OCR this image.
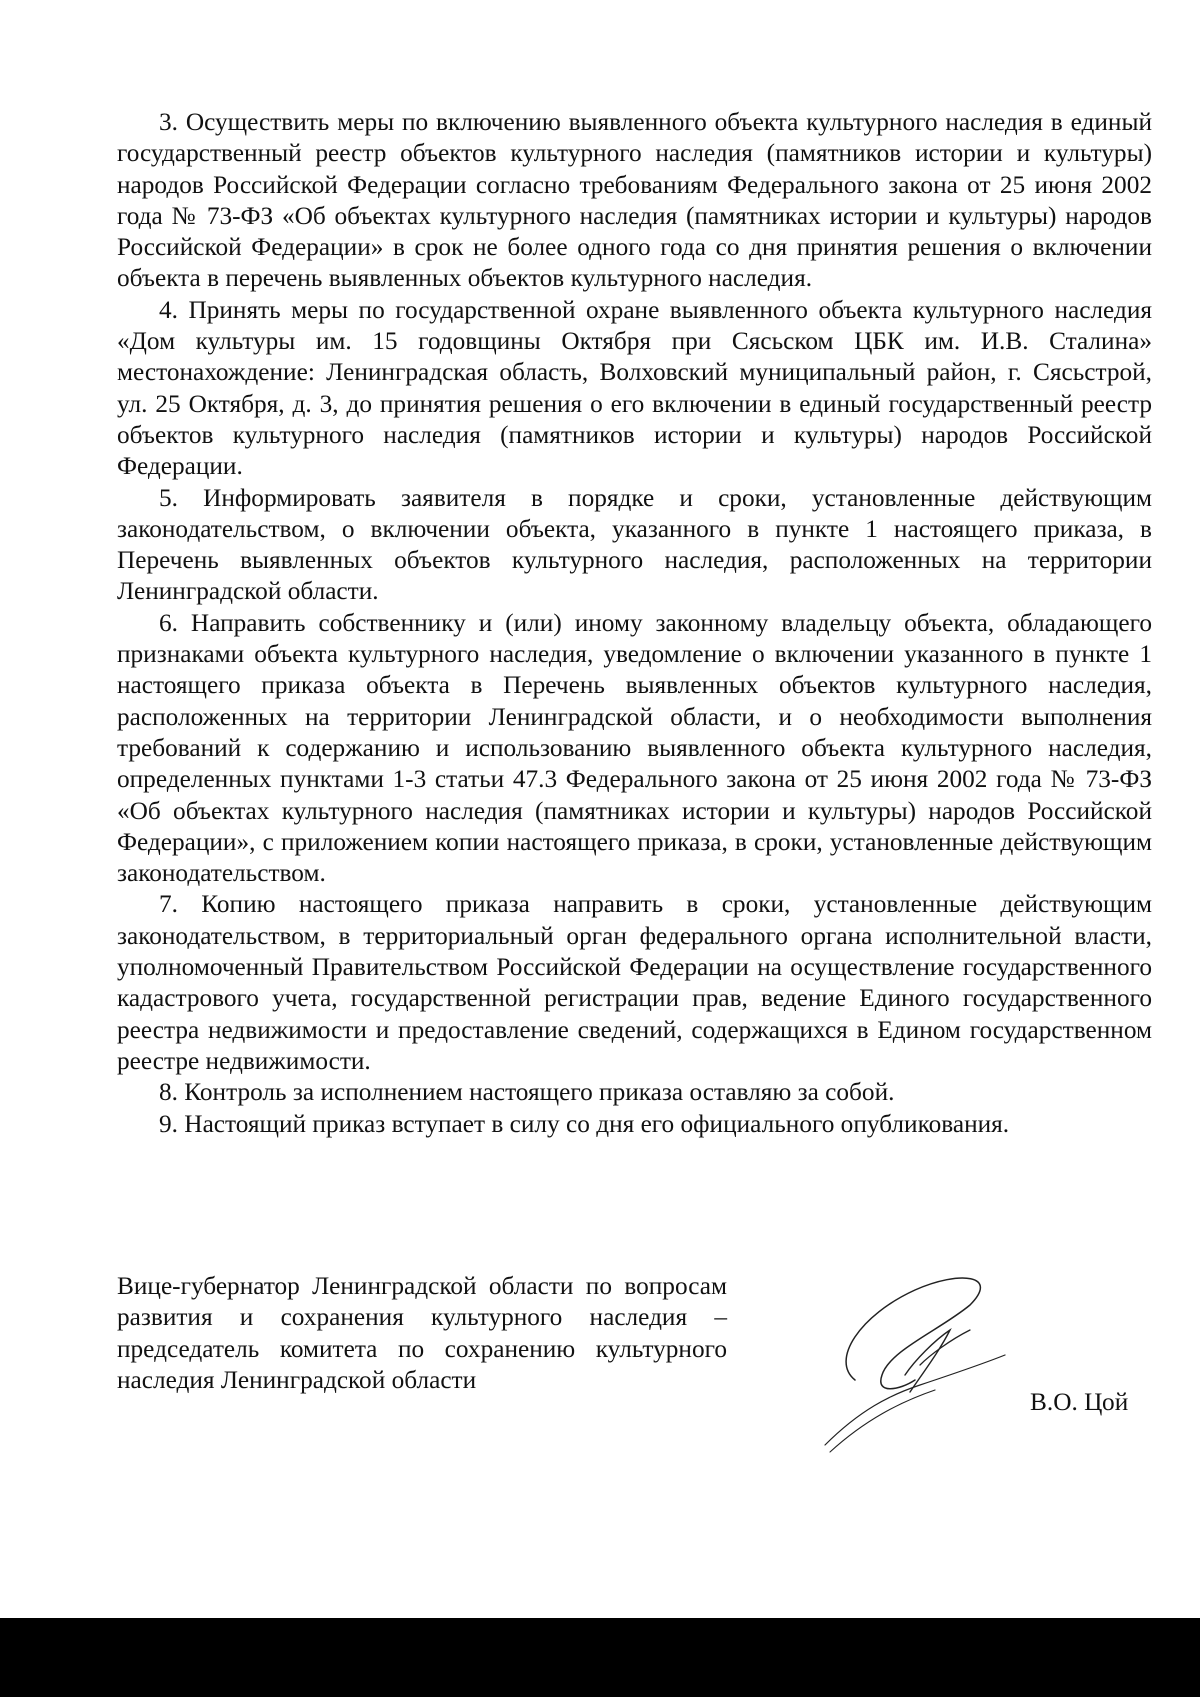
3. Осуществить меры по включению выявленного объекта культурного наследия в единый государственный реестр объектов культурного наследия (памятников истории и культуры) народов Российской Федерации согласно требованиям Федерального закона от 25 июня 2002 года № 73-ФЗ «Об объектах культурного наследия (памятниках истории и культуры) народов Российской Федерации» в срок не более одного года со дня принятия решения о включении объекта в перечень выявленных объектов культурного наследия.

4. Принять меры по государственной охране выявленного объекта культурного наследия «Дом культуры им. 15 годовщины Октября при Сясьском ЦБК им. И.В. Сталина» местонахождение: Ленинградская область, Волховский муниципальный район, г. Сясьстрой, ул. 25 Октября, д. 3, до принятия решения о его включении в единый государственный реестр объектов культурного наследия (памятников истории и культуры) народов Российской Федерации.

5. Информировать заявителя в порядке и сроки, установленные действующим законодательством, о включении объекта, указанного в пункте 1 настоящего приказа, в Перечень выявленных объектов культурного наследия, расположенных на территории Ленинградской области.

6. Направить собственнику и (или) иному законному владельцу объекта, обладающего признаками объекта культурного наследия, уведомление о включении указанного в пункте 1 настоящего приказа объекта в Перечень выявленных объектов культурного наследия, расположенных на территории Ленинградской области, и о необходимости выполнения требований к содержанию и использованию выявленного объекта культурного наследия, определенных пунктами 1-3 статьи 47.3 Федерального закона от 25 июня 2002 года № 73-ФЗ «Об объектах культурного наследия (памятниках истории и культуры) народов Российской Федерации», с приложением копии настоящего приказа, в сроки, установленные действующим законодательством.

7. Копию настоящего приказа направить в сроки, установленные действующим законодательством, в территориальный орган федерального органа исполнительной власти, уполномоченный Правительством Российской Федерации на осуществление государственного кадастрового учета, государственной регистрации прав, ведение Единого государственного реестра недвижимости и предоставление сведений, содержащихся в Едином государственном реестре недвижимости.

8. Контроль за исполнением настоящего приказа оставляю за собой.

9. Настоящий приказ вступает в силу со дня его официального опубликования.

Вице-губернатор Ленинградской области по вопросам развития и сохранения культурного наследия – председатель комитета по сохранению культурного наследия Ленинградской области

В.О. Цой
